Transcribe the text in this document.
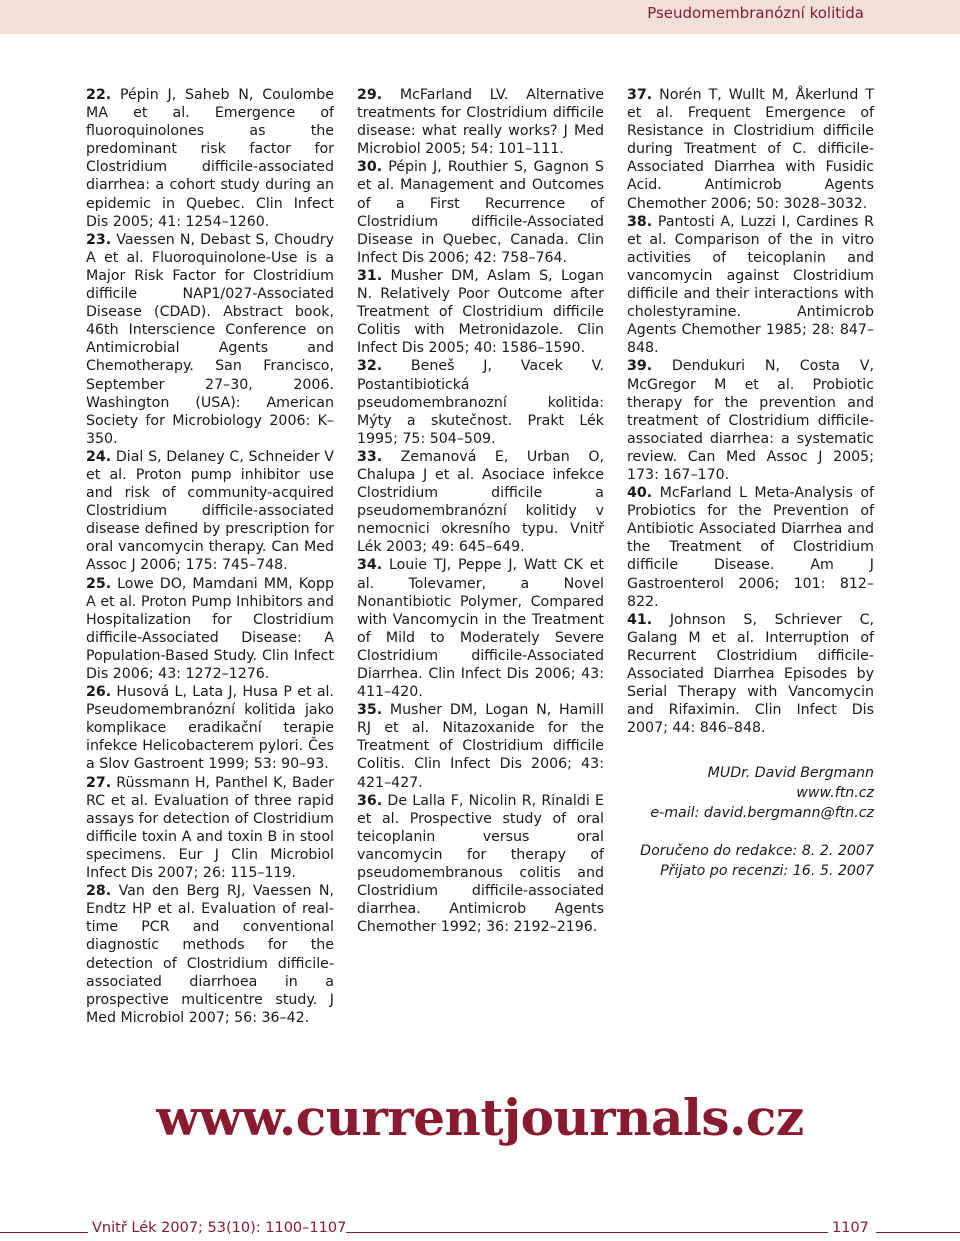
Pseudomembranózní kolitida

22. Pépin J, Saheb N, Coulombe MA et al. Emergence of fluoroquinolones as the predominant risk factor for Clostridium difficile-associated diarrhea: a cohort study during an epidemic in Quebec. Clin Infect Dis 2005; 41: 1254–1260.

23. Vaessen N, Debast S, Choudry A et al. Fluoroquinolone-Use is a Major Risk Factor for Clostridium difficile NAP1/027-Associated Disease (CDAD). Abstract book, 46th Interscience Conference on Antimicrobial Agents and Chemotherapy. San Francisco, September 27–30, 2006. Washington (USA): American Society for Microbiology 2006: K–350.

24. Dial S, Delaney C, Schneider V et al. Proton pump inhibitor use and risk of community-acquired Clostridium difficile-associated disease defined by prescription for oral vancomycin therapy. Can Med Assoc J 2006; 175: 745–748.

25. Lowe DO, Mamdani MM, Kopp A et al. Proton Pump Inhibitors and Hospitalization for Clostridium difficile-Associated Disease: A Population-Based Study. Clin Infect Dis 2006; 43: 1272–1276.

26. Husová L, Lata J, Husa P et al. Pseudomembranózní kolitida jako komplikace eradikační terapie infekce Helicobacterem pylori. Čes a Slov Gastroent 1999; 53: 90–93.

27. Rüssmann H, Panthel K, Bader RC et al. Evaluation of three rapid assays for detection of Clostridium difficile toxin A and toxin B in stool specimens. Eur J Clin Microbiol Infect Dis 2007; 26: 115–119.

28. Van den Berg RJ, Vaessen N, Endtz HP et al. Evaluation of real-time PCR and conventional diagnostic methods for the detection of Clostridium difficile-associated diarrhoea in a prospective multicentre study. J Med Microbiol 2007; 56: 36–42.

29. McFarland LV. Alternative treatments for Clostridium difficile disease: what really works? J Med Microbiol 2005; 54: 101–111.

30. Pépin J, Routhier S, Gagnon S et al. Management and Outcomes of a First Recurrence of Clostridium difficile-Associated Disease in Quebec, Canada. Clin Infect Dis 2006; 42: 758–764.

31. Musher DM, Aslam S, Logan N. Relatively Poor Outcome after Treatment of Clostridium difficile Colitis with Metronidazole. Clin Infect Dis 2005; 40: 1586–1590.

32. Beneš J, Vacek V. Postantibiotická pseudomembranozní kolitida: Mýty a skutečnost. Prakt Lék 1995; 75: 504–509.

33. Zemanová E, Urban O, Chalupa J et al. Asociace infekce Clostridium difficile a pseudomembranózní kolitidy v nemocnici okresního typu. Vnitř Lék 2003; 49: 645–649.

34. Louie TJ, Peppe J, Watt CK et al. Tolevamer, a Novel Nonantibiotic Polymer, Compared with Vancomycin in the Treatment of Mild to Moderately Severe Clostridium difficile-Associated Diarrhea. Clin Infect Dis 2006; 43: 411–420.

35. Musher DM, Logan N, Hamill RJ et al. Nitazoxanide for the Treatment of Clostridium difficile Colitis. Clin Infect Dis 2006; 43: 421–427.

36. De Lalla F, Nicolin R, Rinaldi E et al. Prospective study of oral teicoplanin versus oral vancomycin for therapy of pseudomembranous colitis and Clostridium difficile-associated diarrhea. Antimicrob Agents Chemother 1992; 36: 2192–2196.

37. Norén T, Wullt M, Åkerlund T et al. Frequent Emergence of Resistance in Clostridium difficile during Treatment of C. difficile-Associated Diarrhea with Fusidic Acid. Antimicrob Agents Chemother 2006; 50: 3028–3032.

38. Pantosti A, Luzzi I, Cardines R et al. Comparison of the in vitro activities of teicoplanin and vancomycin against Clostridium difficile and their interactions with cholestyramine. Antimicrob Agents Chemother 1985; 28: 847–848.

39. Dendukuri N, Costa V, McGregor M et al. Probiotic therapy for the prevention and treatment of Clostridium difficile-associated diarrhea: a systematic review. Can Med Assoc J 2005; 173: 167–170.

40. McFarland L Meta-Analysis of Probiotics for the Prevention of Antibiotic Associated Diarrhea and the Treatment of Clostridium difficile Disease. Am J Gastroenterol 2006; 101: 812–822.

41. Johnson S, Schriever C, Galang M et al. Interruption of Recurrent Clostridium difficile-Associated Diarrhea Episodes by Serial Therapy with Vancomycin and Rifaximin. Clin Infect Dis 2007; 44: 846–848.

MUDr. David Bergmann
www.ftn.cz
e-mail: david.bergmann@ftn.cz
Doručeno do redakce: 8. 2. 2007
Přijato po recenzi: 16. 5. 2007
www.currentjournals.cz
Vnitř Lék 2007; 53(10): 1100–1107	1107
